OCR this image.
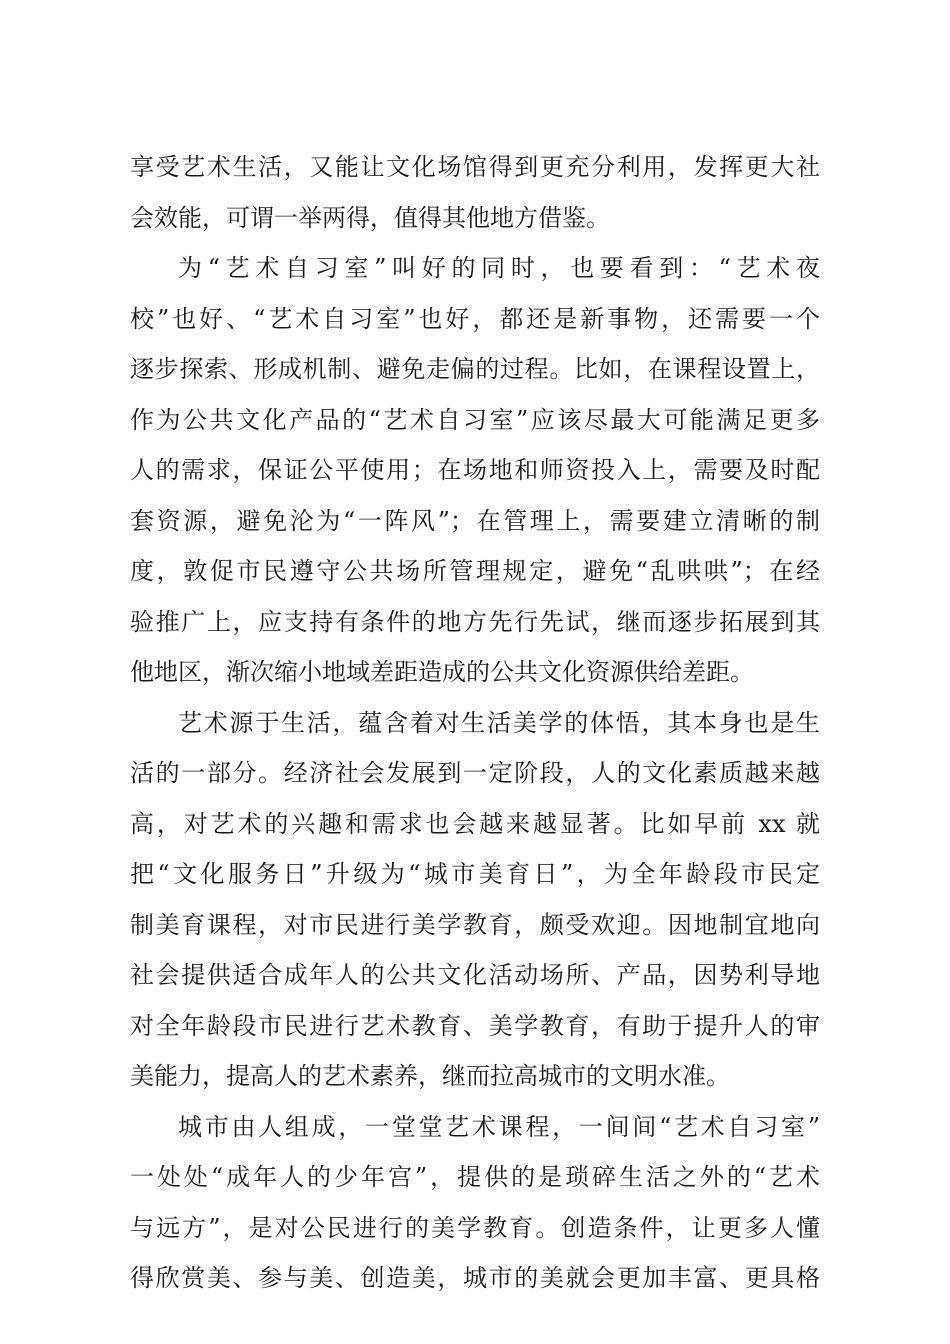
享受艺术生活，又能让文化场馆得到更充分利用，发挥更大社
会效能，可谓一举两得，值得其他地方借鉴。
为“艺术自习室”叫好的同时，也要看到：“艺术夜
校”也好、“艺术自习室”也好，都还是新事物，还需要一个
逐步探索、形成机制、避免走偏的过程。比如，在课程设置上，
作为公共文化产品的“艺术自习室”应该尽最大可能满足更多
人的需求，保证公平使用；在场地和师资投入上，需要及时配
套资源，避免沦为“一阵风”；在管理上，需要建立清晰的制
度，敦促市民遵守公共场所管理规定，避免“乱哄哄”；在经
验推广上，应支持有条件的地方先行先试，继而逐步拓展到其
他地区，渐次缩小地域差距造成的公共文化资源供给差距。
艺术源于生活，蕴含着对生活美学的体悟，其本身也是生
活的一部分。经济社会发展到一定阶段，人的文化素质越来越
高，对艺术的兴趣和需求也会越来越显著。比如早前 xx 就
把“文化服务日”升级为“城市美育日”，为全年龄段市民定
制美育课程，对市民进行美学教育，颇受欢迎。因地制宜地向
社会提供适合成年人的公共文化活动场所、产品，因势利导地
对全年龄段市民进行艺术教育、美学教育，有助于提升人的审
美能力，提高人的艺术素养，继而拉高城市的文明水准。
城市由人组成，一堂堂艺术课程，一间间“艺术自习室”
一处处“成年人的少年宫”，提供的是琐碎生活之外的“艺术
与远方”，是对公民进行的美学教育。创造条件，让更多人懂
得欣赏美、参与美、创造美，城市的美就会更加丰富、更具格
